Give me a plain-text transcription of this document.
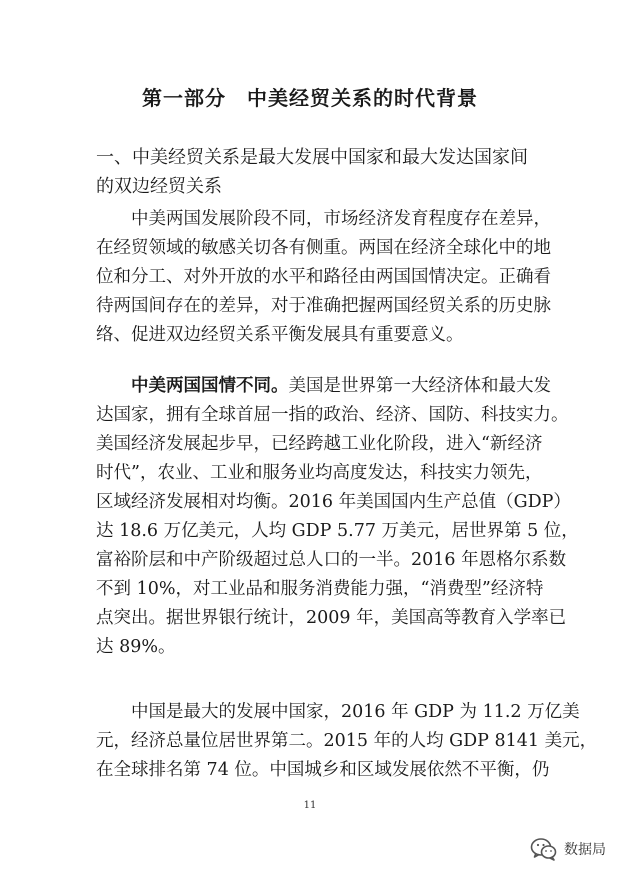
第一部分　中美经贸关系的时代背景
一、中美经贸关系是最大发展中国家和最大发达国家间
的双边经贸关系
中美两国发展阶段不同，市场经济发育程度存在差异，
在经贸领域的敏感关切各有侧重。两国在经济全球化中的地
位和分工、对外开放的水平和路径由两国国情决定。正确看
待两国间存在的差异，对于准确把握两国经贸关系的历史脉
络、促进双边经贸关系平衡发展具有重要意义。
中美两国国情不同。美国是世界第一大经济体和最大发
达国家，拥有全球首屈一指的政治、经济、国防、科技实力。
美国经济发展起步早，已经跨越工业化阶段，进入“新经济
时代”，农业、工业和服务业均高度发达，科技实力领先，
区域经济发展相对均衡。2016 年美国国内生产总值（GDP）
达 18.6 万亿美元，人均 GDP 5.77 万美元，居世界第 5 位，
富裕阶层和中产阶级超过总人口的一半。2016 年恩格尔系数
不到 10%，对工业品和服务消费能力强，“消费型”经济特
点突出。据世界银行统计，2009 年，美国高等教育入学率已
达 89%。
中国是最大的发展中国家，2016 年 GDP 为 11.2 万亿美
元，经济总量位居世界第二。2015 年的人均 GDP 8141 美元，
在全球排名第 74 位。中国城乡和区域发展依然不平衡，仍
11
数据局
